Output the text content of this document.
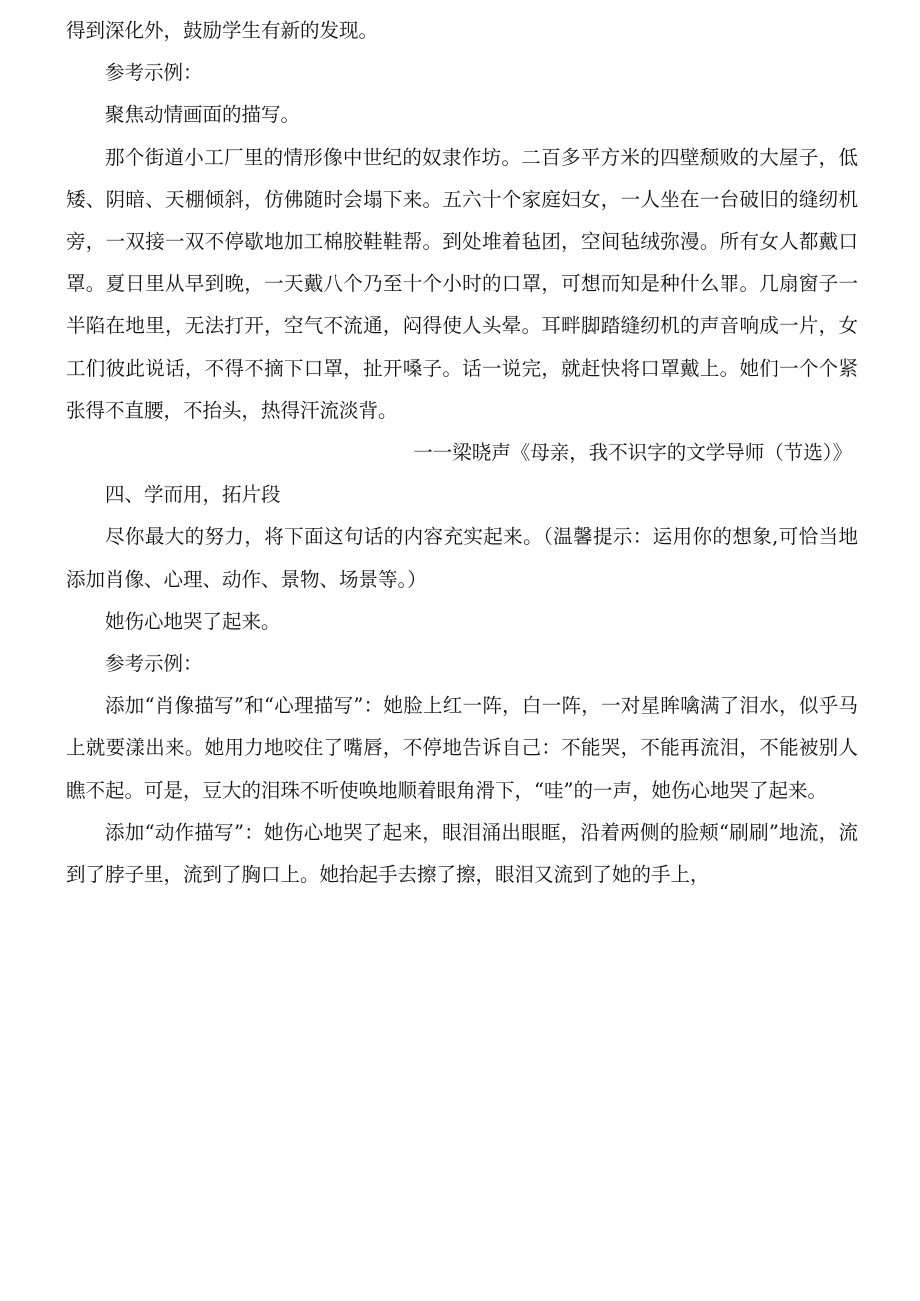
得到深化外，鼓励学生有新的发现。

参考示例：

聚焦动情画面的描写。

那个街道小工厂里的情形像中世纪的奴隶作坊。二百多平方米的四壁颓败的大屋子，低矮、阴暗、天棚倾斜，仿佛随时会塌下来。五六十个家庭妇女，一人坐在一台破旧的缝纫机旁，一双接一双不停歇地加工棉胶鞋鞋帮。到处堆着毡团，空间毡绒弥漫。所有女人都戴口罩。夏日里从早到晚，一天戴八个乃至十个小时的口罩，可想而知是种什么罪。几扇窗子一半陷在地里，无法打开，空气不流通，闷得使人头晕。耳畔脚踏缝纫机的声音响成一片，女工们彼此说话，不得不摘下口罩，扯开嗓子。话一说完，就赶快将口罩戴上。她们一个个紧张得不直腰，不抬头，热得汗流淡背。

一一梁晓声《母亲，我不识字的文学导师（节选）》

四、学而用，拓片段

尽你最大的努力，将下面这句话的内容充实起来。（温馨提示：运用你的想象,可恰当地添加肖像、心理、动作、景物、场景等。）

她伤心地哭了起来。

参考示例：

添加“肖像描写”和“心理描写”：她脸上红一阵，白一阵，一对星眸噙满了泪水，似乎马上就要漾出来。她用力地咬住了嘴唇，不停地告诉自己：不能哭，不能再流泪，不能被别人瞧不起。可是，豆大的泪珠不听使唤地顺着眼角滑下，“哇”的一声，她伤心地哭了起来。

添加“动作描写”：她伤心地哭了起来，眼泪涌出眼眶，沿着两侧的脸颊“刷刷”地流，流到了脖子里，流到了胸口上。她抬起手去擦了擦，眼泪又流到了她的手上，
